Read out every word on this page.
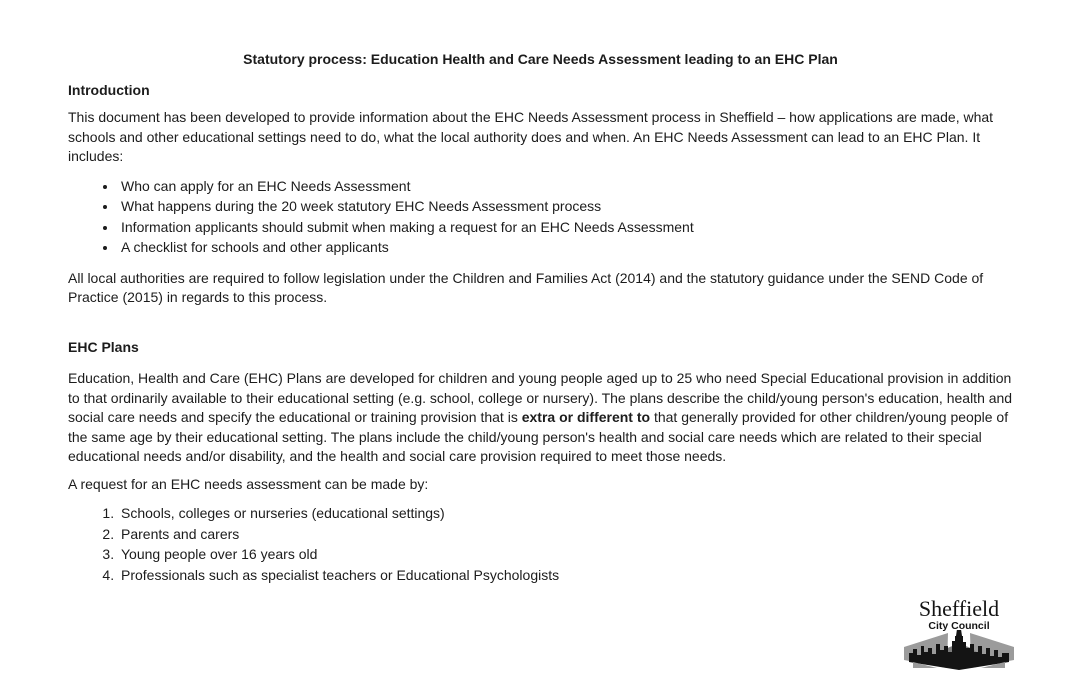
Statutory process: Education Health and Care Needs Assessment leading to an EHC Plan
Introduction

This document has been developed to provide information about the EHC Needs Assessment process in Sheffield – how applications are made, what schools and other educational settings need to do, what the local authority does and when. An EHC Needs Assessment can lead to an EHC Plan. It includes:

• Who can apply for an EHC Needs Assessment
• What happens during the 20 week statutory EHC Needs Assessment process
• Information applicants should submit when making a request for an EHC Needs Assessment
• A checklist for schools and other applicants

All local authorities are required to follow legislation under the Children and Families Act (2014) and the statutory guidance under the SEND Code of Practice (2015) in regards to this process.

EHC Plans

Education, Health and Care (EHC) Plans are developed for children and young people aged up to 25 who need Special Educational provision in addition to that ordinarily available to their educational setting (e.g. school, college or nursery). The plans describe the child/young person's education, health and social care needs and specify the educational or training provision that is extra or different to that generally provided for other children/young people of the same age by their educational setting. The plans include the child/young person's health and social care needs which are related to their special educational needs and/or disability, and the health and social care provision required to meet those needs.

A request for an EHC needs assessment can be made by:

1. Schools, colleges or nurseries (educational settings)
2. Parents and carers
3. Young people over 16 years old
4. Professionals such as specialist teachers or Educational Psychologists
Sheffield
City Council
